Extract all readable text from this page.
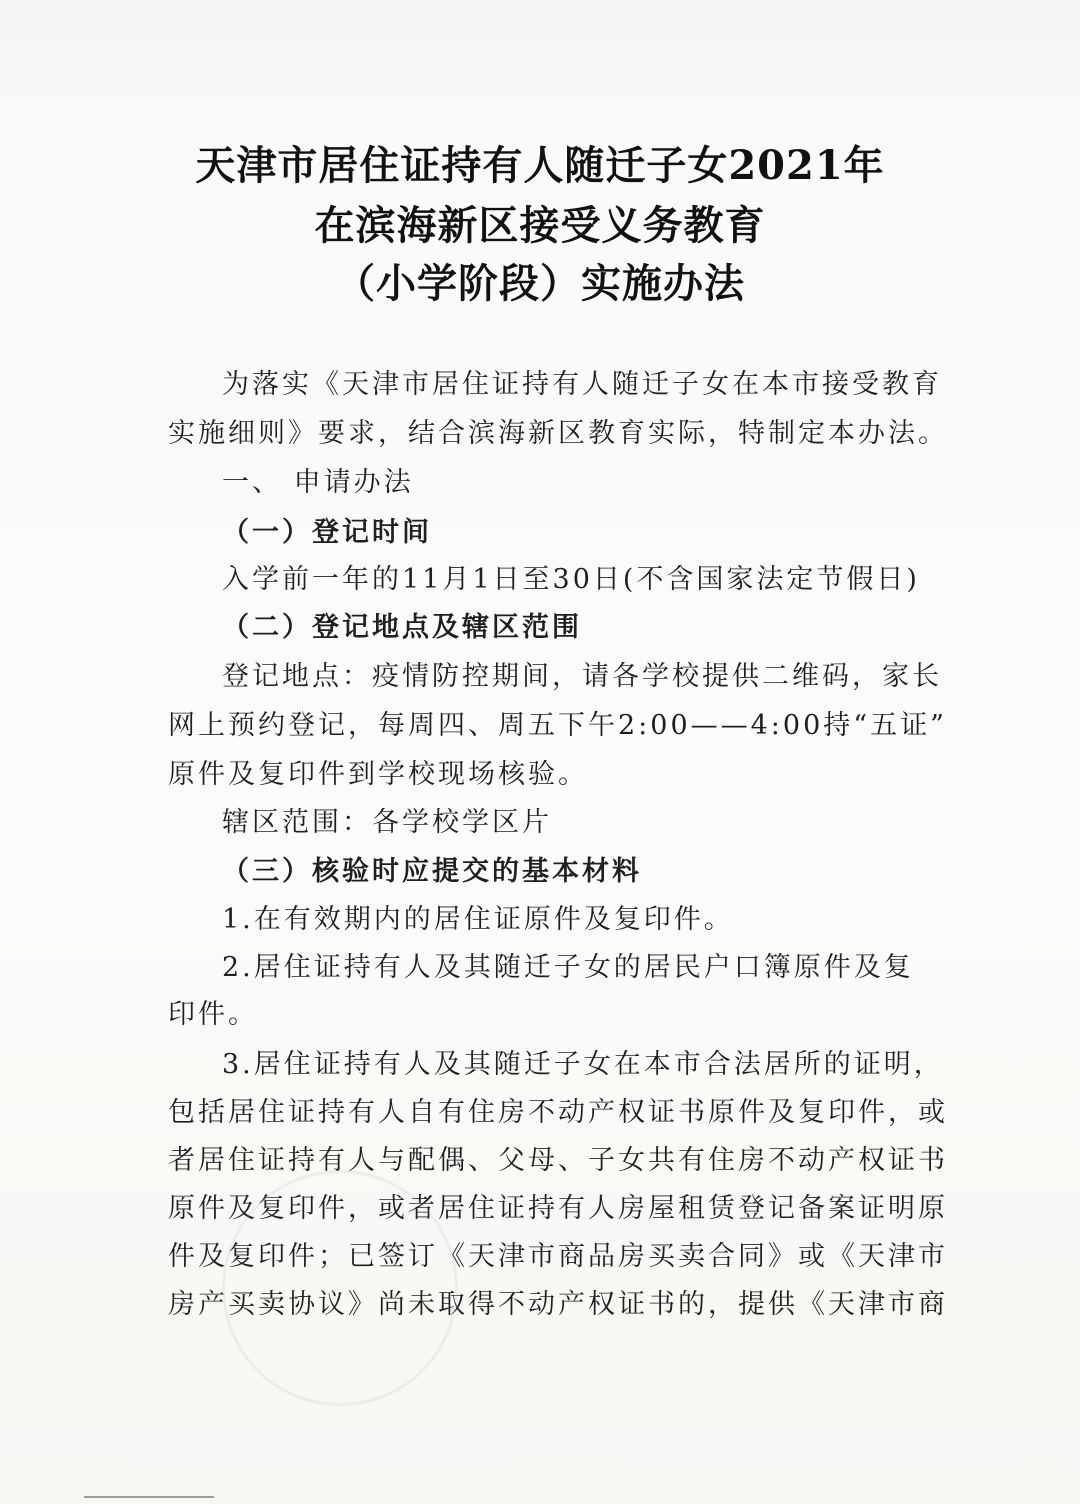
天津市居住证持有人随迁子女2021年
在滨海新区接受义务教育
（小学阶段）实施办法
为落实《天津市居住证持有人随迁子女在本市接受教育
实施细则》要求，结合滨海新区教育实际，特制定本办法。
一、 申请办法
（一）登记时间
入学前一年的11月1日至30日(不含国家法定节假日)
（二）登记地点及辖区范围
登记地点：疫情防控期间，请各学校提供二维码，家长
网上预约登记，每周四、周五下午2:00——4:00持“五证”
原件及复印件到学校现场核验。
辖区范围：各学校学区片
（三）核验时应提交的基本材料
1.在有效期内的居住证原件及复印件。
2.居住证持有人及其随迁子女的居民户口簿原件及复
印件。
3.居住证持有人及其随迁子女在本市合法居所的证明，
包括居住证持有人自有住房不动产权证书原件及复印件，或
者居住证持有人与配偶、父母、子女共有住房不动产权证书
原件及复印件，或者居住证持有人房屋租赁登记备案证明原
件及复印件；已签订《天津市商品房买卖合同》或《天津市
房产买卖协议》尚未取得不动产权证书的，提供《天津市商
